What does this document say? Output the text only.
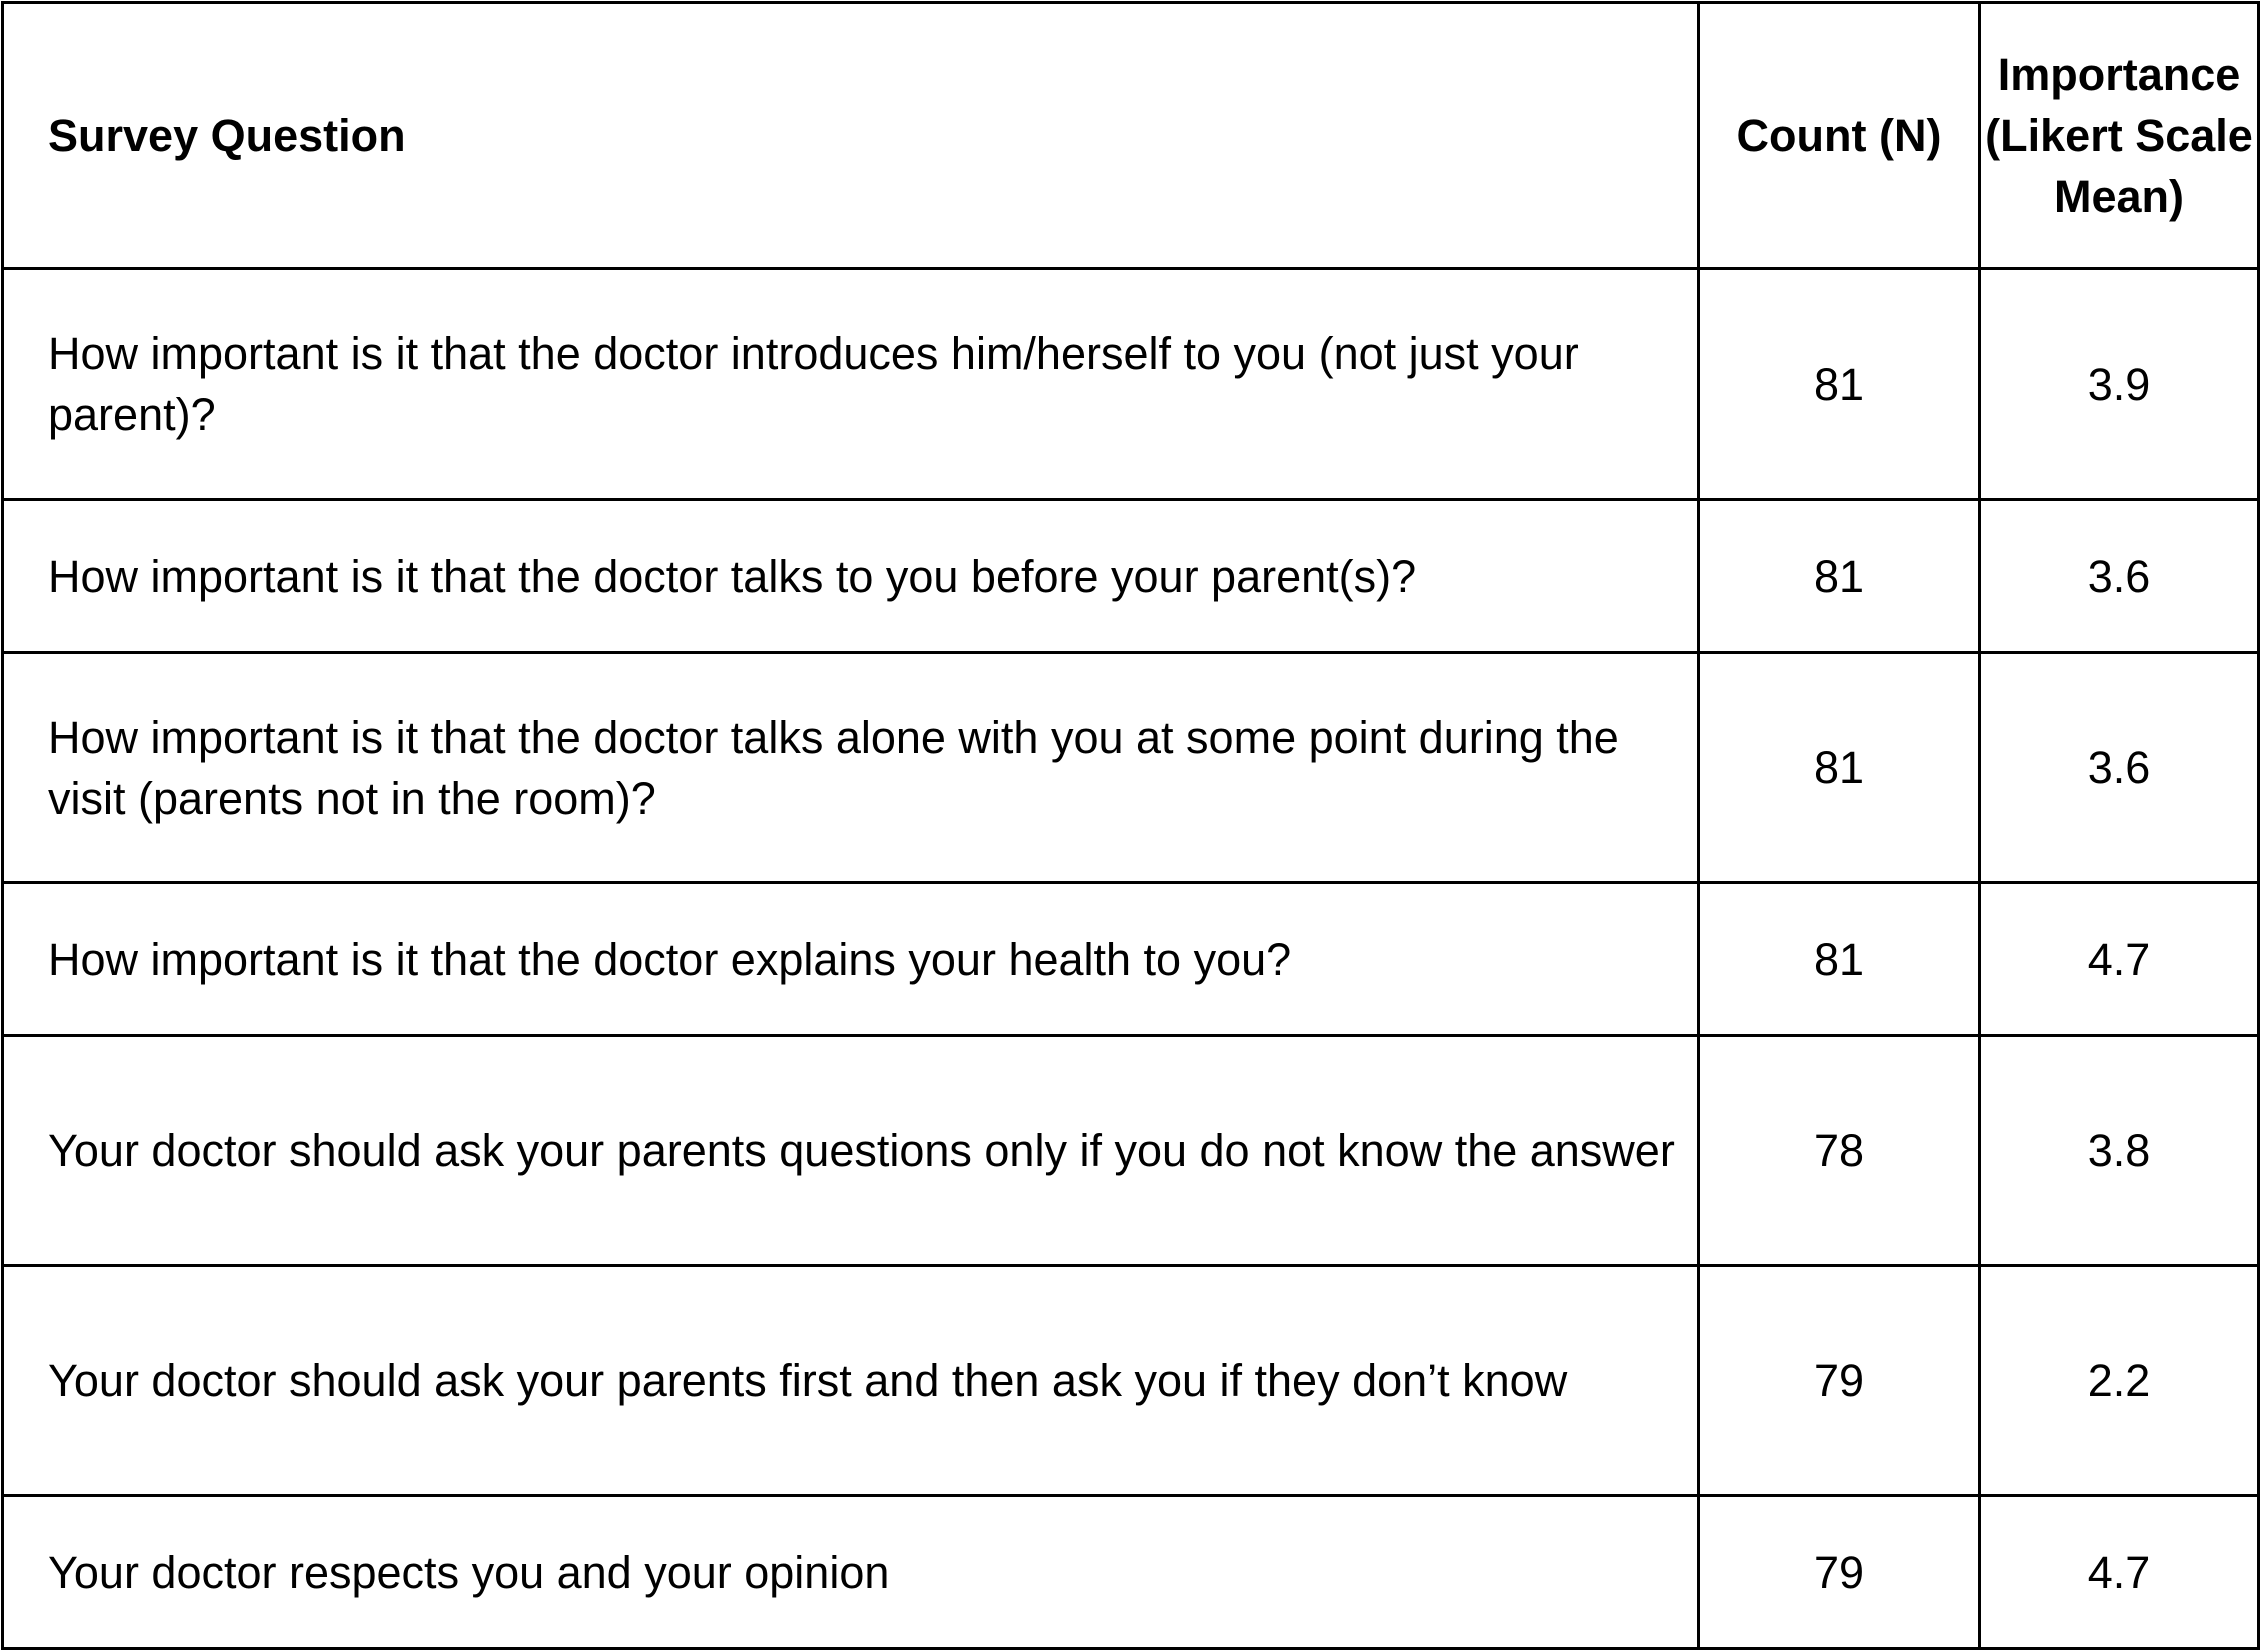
Survey Question	Count (N)	Importance (Likert Scale Mean)
How important is it that the doctor introduces him/herself to you (not just your parent)?	81	3.9
How important is it that the doctor talks to you before your parent(s)?	81	3.6
How important is it that the doctor talks alone with you at some point during the visit (parents not in the room)?	81	3.6
How important is it that the doctor explains your health to you?	81	4.7
Your doctor should ask your parents questions only if you do not know the answer	78	3.8
Your doctor should ask your parents first and then ask you if they don’t know	79	2.2
Your doctor respects you and your opinion	79	4.7
